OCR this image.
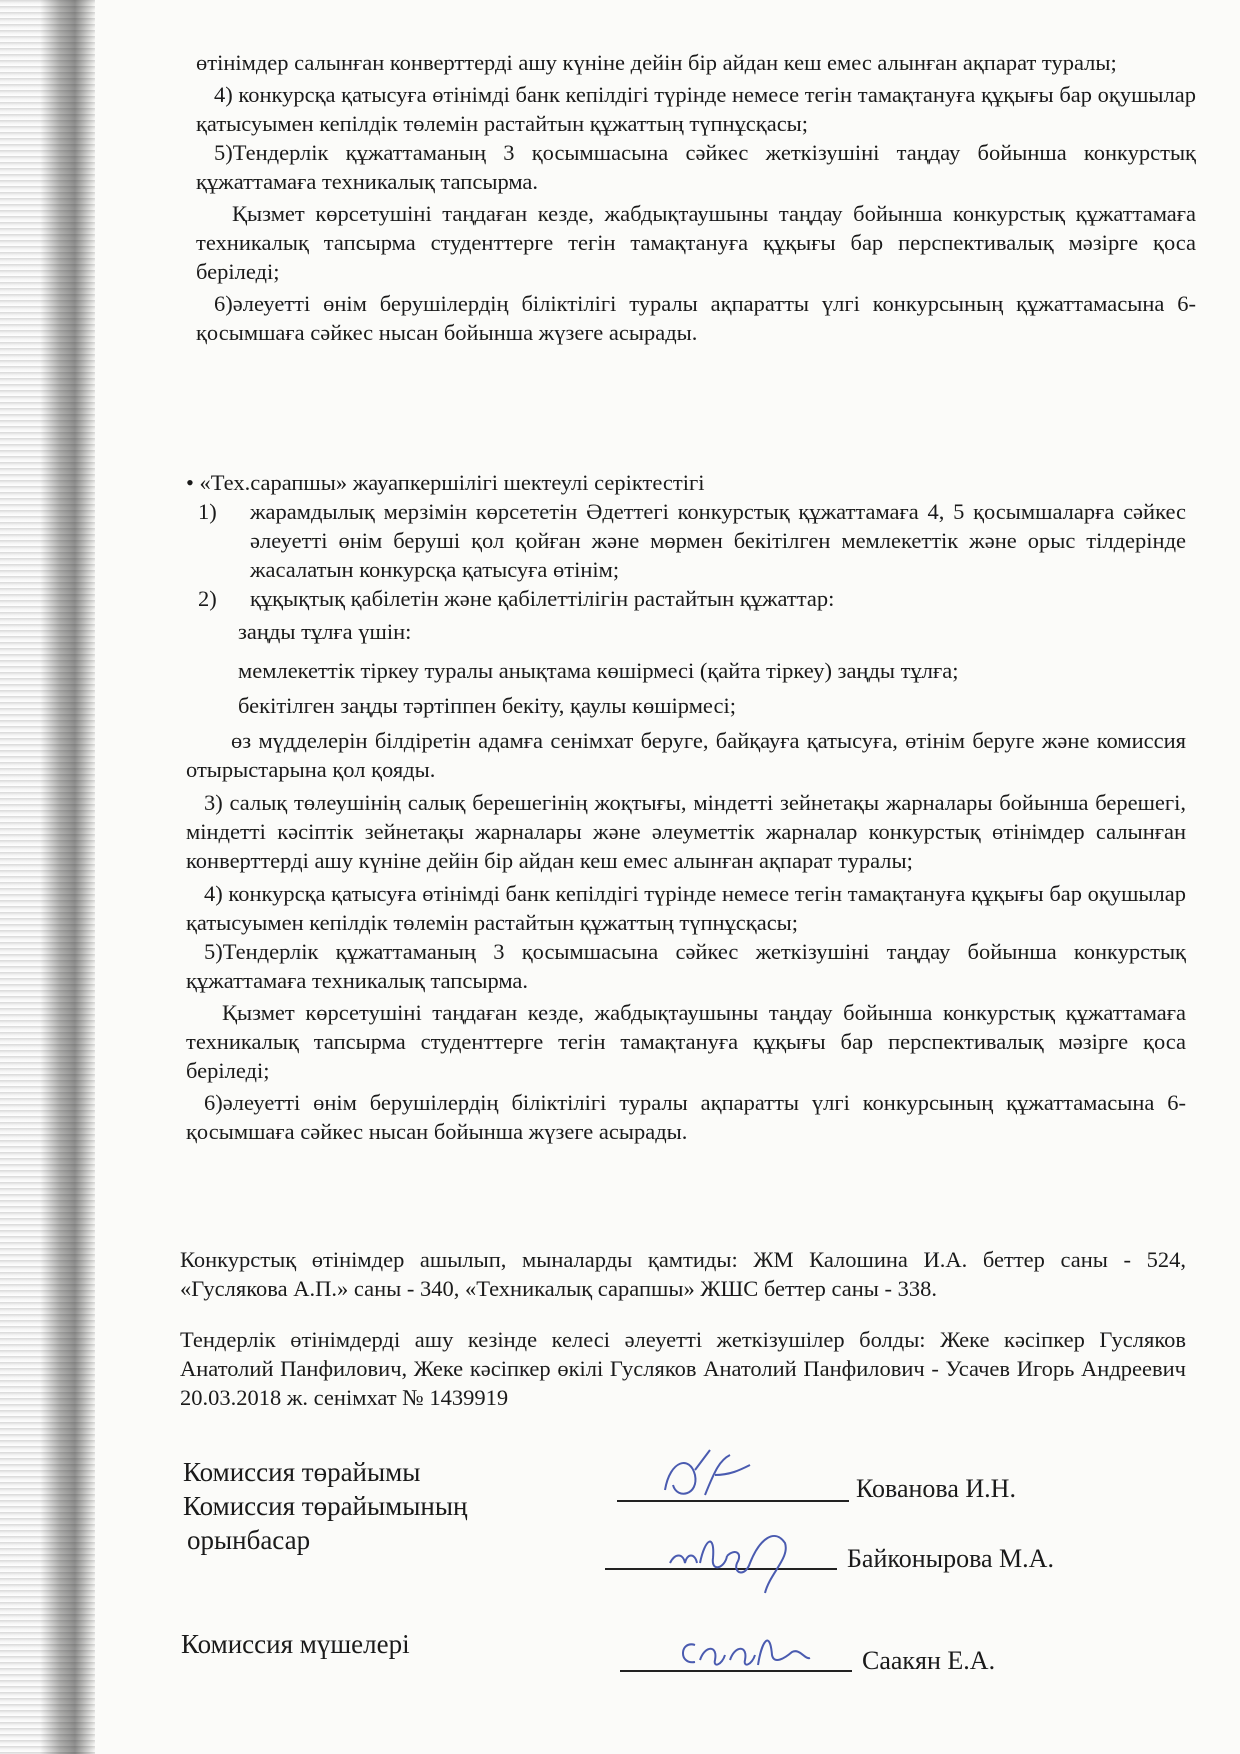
өтінімдер салынған конверттерді ашу күніне дейін бір айдан кеш емес алынған ақпарат туралы;

4) конкурсқа қатысуға өтінімді банк кепілдігі түрінде немесе тегін тамақтануға құқығы бар оқушылар қатысуымен кепілдік төлемін растайтын құжаттың түпнұсқасы;

5)Тендерлік құжаттаманың 3 қосымшасына сәйкес жеткізушіні таңдау бойынша конкурстық құжаттамаға техникалық тапсырма.

Қызмет көрсетушіні таңдаған кезде, жабдықтаушыны таңдау бойынша конкурстық құжаттамаға техникалық тапсырма студенттерге тегін тамақтануға құқығы бар перспективалық мәзірге қоса беріледі;

6)әлеуетті өнім берушілердің біліктілігі туралы ақпаратты үлгі конкурсының құжаттамасына 6-қосымшаға сәйкес нысан бойынша жүзеге асырады.

• «Тех.сарапшы» жауапкершілігі шектеулі серіктестігі

1)	жарамдылық мерзімін көрсететін Әдеттегі конкурстық құжаттамаға 4, 5 қосымшаларға сәйкес әлеуетті өнім беруші қол қойған және мөрмен бекітілген мемлекеттік және орыс тілдерінде жасалатын конкурсқа қатысуға өтінім;
2)	құқықтық қабілетін және қабілеттілігін растайтын құжаттар:

заңды тұлға үшін:

мемлекеттік тіркеу туралы анықтама көшірмесі (қайта тіркеу) заңды тұлға;

бекітілген заңды тәртіппен бекіту, қаулы көшірмесі;

өз мүдделерін білдіретін адамға сенімхат беруге, байқауға қатысуға, өтінім беруге және комиссия отырыстарына қол қояды.

3) салық төлеушінің салық берешегінің жоқтығы, міндетті зейнетақы жарналары бойынша берешегі, міндетті кәсіптік зейнетақы жарналары және әлеуметтік жарналар конкурстық өтінімдер салынған конверттерді ашу күніне дейін бір айдан кеш емес алынған ақпарат туралы;

4) конкурсқа қатысуға өтінімді банк кепілдігі түрінде немесе тегін тамақтануға құқығы бар оқушылар қатысуымен кепілдік төлемін растайтын құжаттың түпнұсқасы;

5)Тендерлік құжаттаманың 3 қосымшасына сәйкес жеткізушіні таңдау бойынша конкурстық құжаттамаға техникалық тапсырма.

Қызмет көрсетушіні таңдаған кезде, жабдықтаушыны таңдау бойынша конкурстық құжаттамаға техникалық тапсырма студенттерге тегін тамақтануға құқығы бар перспективалық мәзірге қоса беріледі;

6)әлеуетті өнім берушілердің біліктілігі туралы ақпаратты үлгі конкурсының құжаттамасына 6-қосымшаға сәйкес нысан бойынша жүзеге асырады.

Конкурстық өтінімдер ашылып, мыналарды қамтиды: ЖМ Калошина И.А. беттер саны - 524, «Гуслякова А.П.» саны - 340, «Техникалық сарапшы» ЖШС беттер саны - 338.

Тендерлік өтінімдерді ашу кезінде келесі әлеуетті жеткізушілер болды: Жеке кәсіпкер Гусляков Анатолий Панфилович, Жеке кәсіпкер өкілі Гусляков Анатолий Панфилович - Усачев Игорь Андреевич 20.03.2018 ж. сенімхат № 1439919

Комиссия төрайымы
Комиссия төрайымының
орынбасар
Комиссия мүшелері
Кованова И.Н.
Байконырова М.А.
Саакян Е.А.
